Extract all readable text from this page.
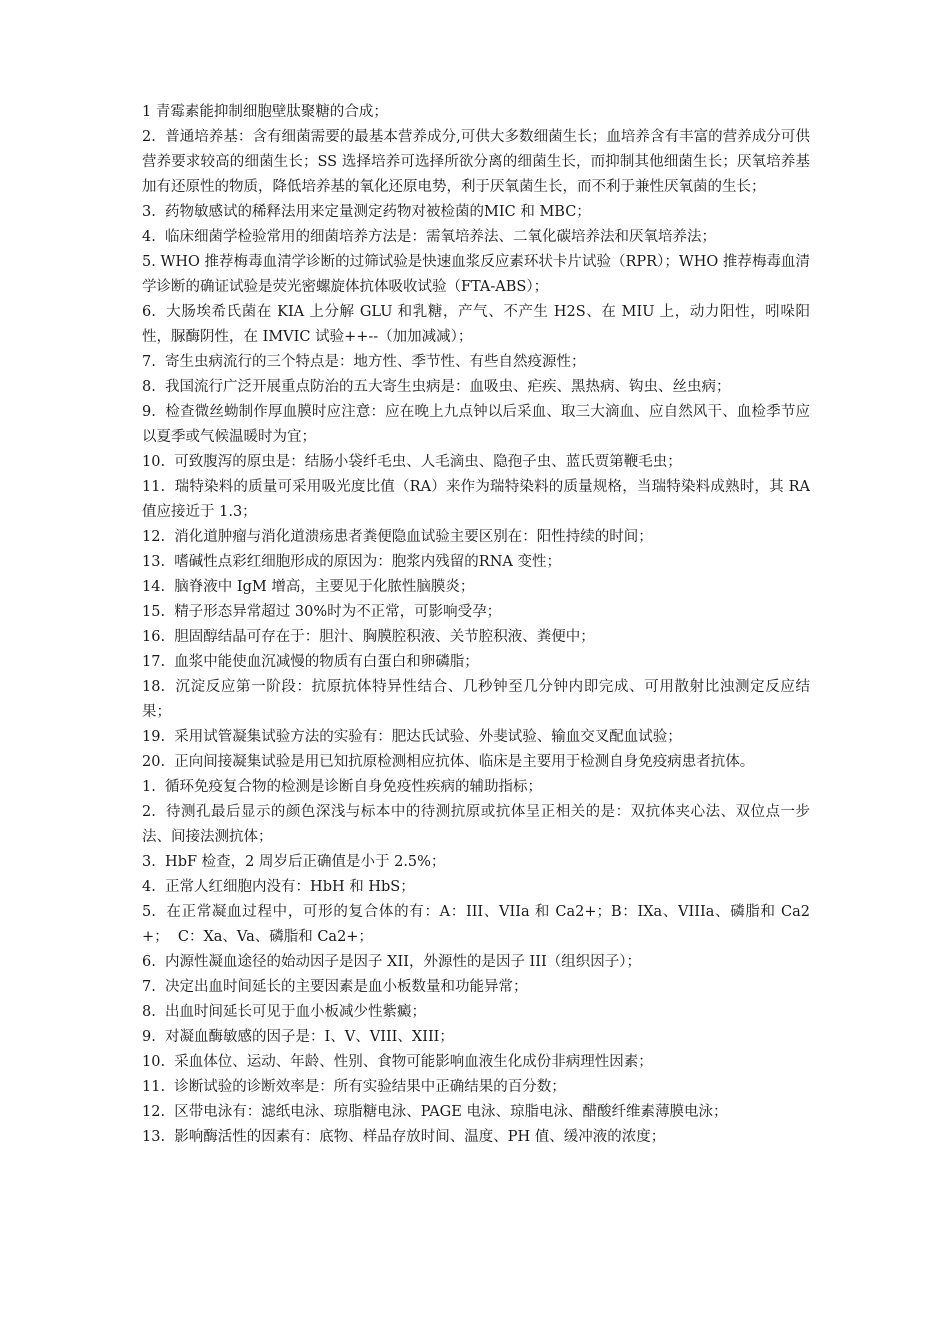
1 青霉素能抑制细胞壁肽聚糖的合成；

2.  普通培养基：含有细菌需要的最基本营养成分,可供大多数细菌生长；血培养含有丰富的营养成分可供营养要求较高的细菌生长；SS 选择培养可选择所欲分离的细菌生长，而抑制其他细菌生长；厌氧培养基加有还原性的物质，降低培养基的氧化还原电势，利于厌氧菌生长，而不利于兼性厌氧菌的生长；

3.  药物敏感试的稀释法用来定量测定药物对被检菌的MIC 和 MBC；

4.  临床细菌学检验常用的细菌培养方法是：需氧培养法、二氧化碳培养法和厌氧培养法；

5. WHO 推荐梅毒血清学诊断的过筛试验是快速血浆反应素环状卡片试验（RPR）；WHO 推荐梅毒血清学诊断的确证试验是荧光密螺旋体抗体吸收试验（FTA-ABS）；

6.  大肠埃希氏菌在 KIA 上分解 GLU 和乳糖，产气、不产生 H2S、在 MIU 上，动力阳性，吲哚阳性，脲酶阴性，在 IMVIC 试验++--（加加减减）；

7.  寄生虫病流行的三个特点是：地方性、季节性、有些自然疫源性；

8.  我国流行广泛开展重点防治的五大寄生虫病是：血吸虫、疟疾、黑热病、钩虫、丝虫病；

9.  检查微丝蚴制作厚血膜时应注意：应在晚上九点钟以后采血、取三大滴血、应自然风干、血检季节应以夏季或气候温暖时为宜；

10.  可致腹泻的原虫是：结肠小袋纤毛虫、人毛滴虫、隐孢子虫、蓝氏贾第鞭毛虫；

11.  瑞特染料的质量可采用吸光度比值（RA）来作为瑞特染料的质量规格，当瑞特染料成熟时，其 RA 值应接近于 1.3；

12.  消化道肿瘤与消化道溃疡患者粪便隐血试验主要区别在：阳性持续的时间；

13.  嗜碱性点彩红细胞形成的原因为：胞浆内残留的RNA 变性；

14.  脑脊液中 IgM 增高，主要见于化脓性脑膜炎；

15.  精子形态异常超过 30%时为不正常，可影响受孕；

16.  胆固醇结晶可存在于：胆汁、胸膜腔积液、关节腔积液、粪便中；

17.  血浆中能使血沉减慢的物质有白蛋白和卵磷脂；

18.  沉淀反应第一阶段：抗原抗体特异性结合、几秒钟至几分钟内即完成、可用散射比浊测定反应结果；

19.  采用试管凝集试验方法的实验有：肥达氏试验、外斐试验、输血交叉配血试验；

20.  正向间接凝集试验是用已知抗原检测相应抗体、临床是主要用于检测自身免疫病患者抗体。

1.  循环免疫复合物的检测是诊断自身免疫性疾病的辅助指标；

2.  待测孔最后显示的颜色深浅与标本中的待测抗原或抗体呈正相关的是：双抗体夹心法、双位点一步法、间接法测抗体；

3.  HbF 检查，2 周岁后正确值是小于 2.5%；

4.  正常人红细胞内没有：HbH 和 HbS；

5.  在正常凝血过程中，可形的复合体的有：A：III、VIIa 和 Ca2+；B：IXa、VIIIa、磷脂和 Ca2+；  C：Xa、Va、磷脂和 Ca2+；

6.  内源性凝血途径的始动因子是因子 XII，外源性的是因子 III（组织因子）；

7.  决定出血时间延长的主要因素是血小板数量和功能异常；

8.  出血时间延长可见于血小板减少性紫癜；

9.  对凝血酶敏感的因子是：I、V、VIII、XIII；

10.  采血体位、运动、年龄、性别、食物可能影响血液生化成份非病理性因素；

11.  诊断试验的诊断效率是：所有实验结果中正确结果的百分数；

12.  区带电泳有：滤纸电泳、琼脂糖电泳、PAGE 电泳、琼脂电泳、醋酸纤维素薄膜电泳；

13.  影响酶活性的因素有：底物、样品存放时间、温度、PH 值、缓冲液的浓度；
